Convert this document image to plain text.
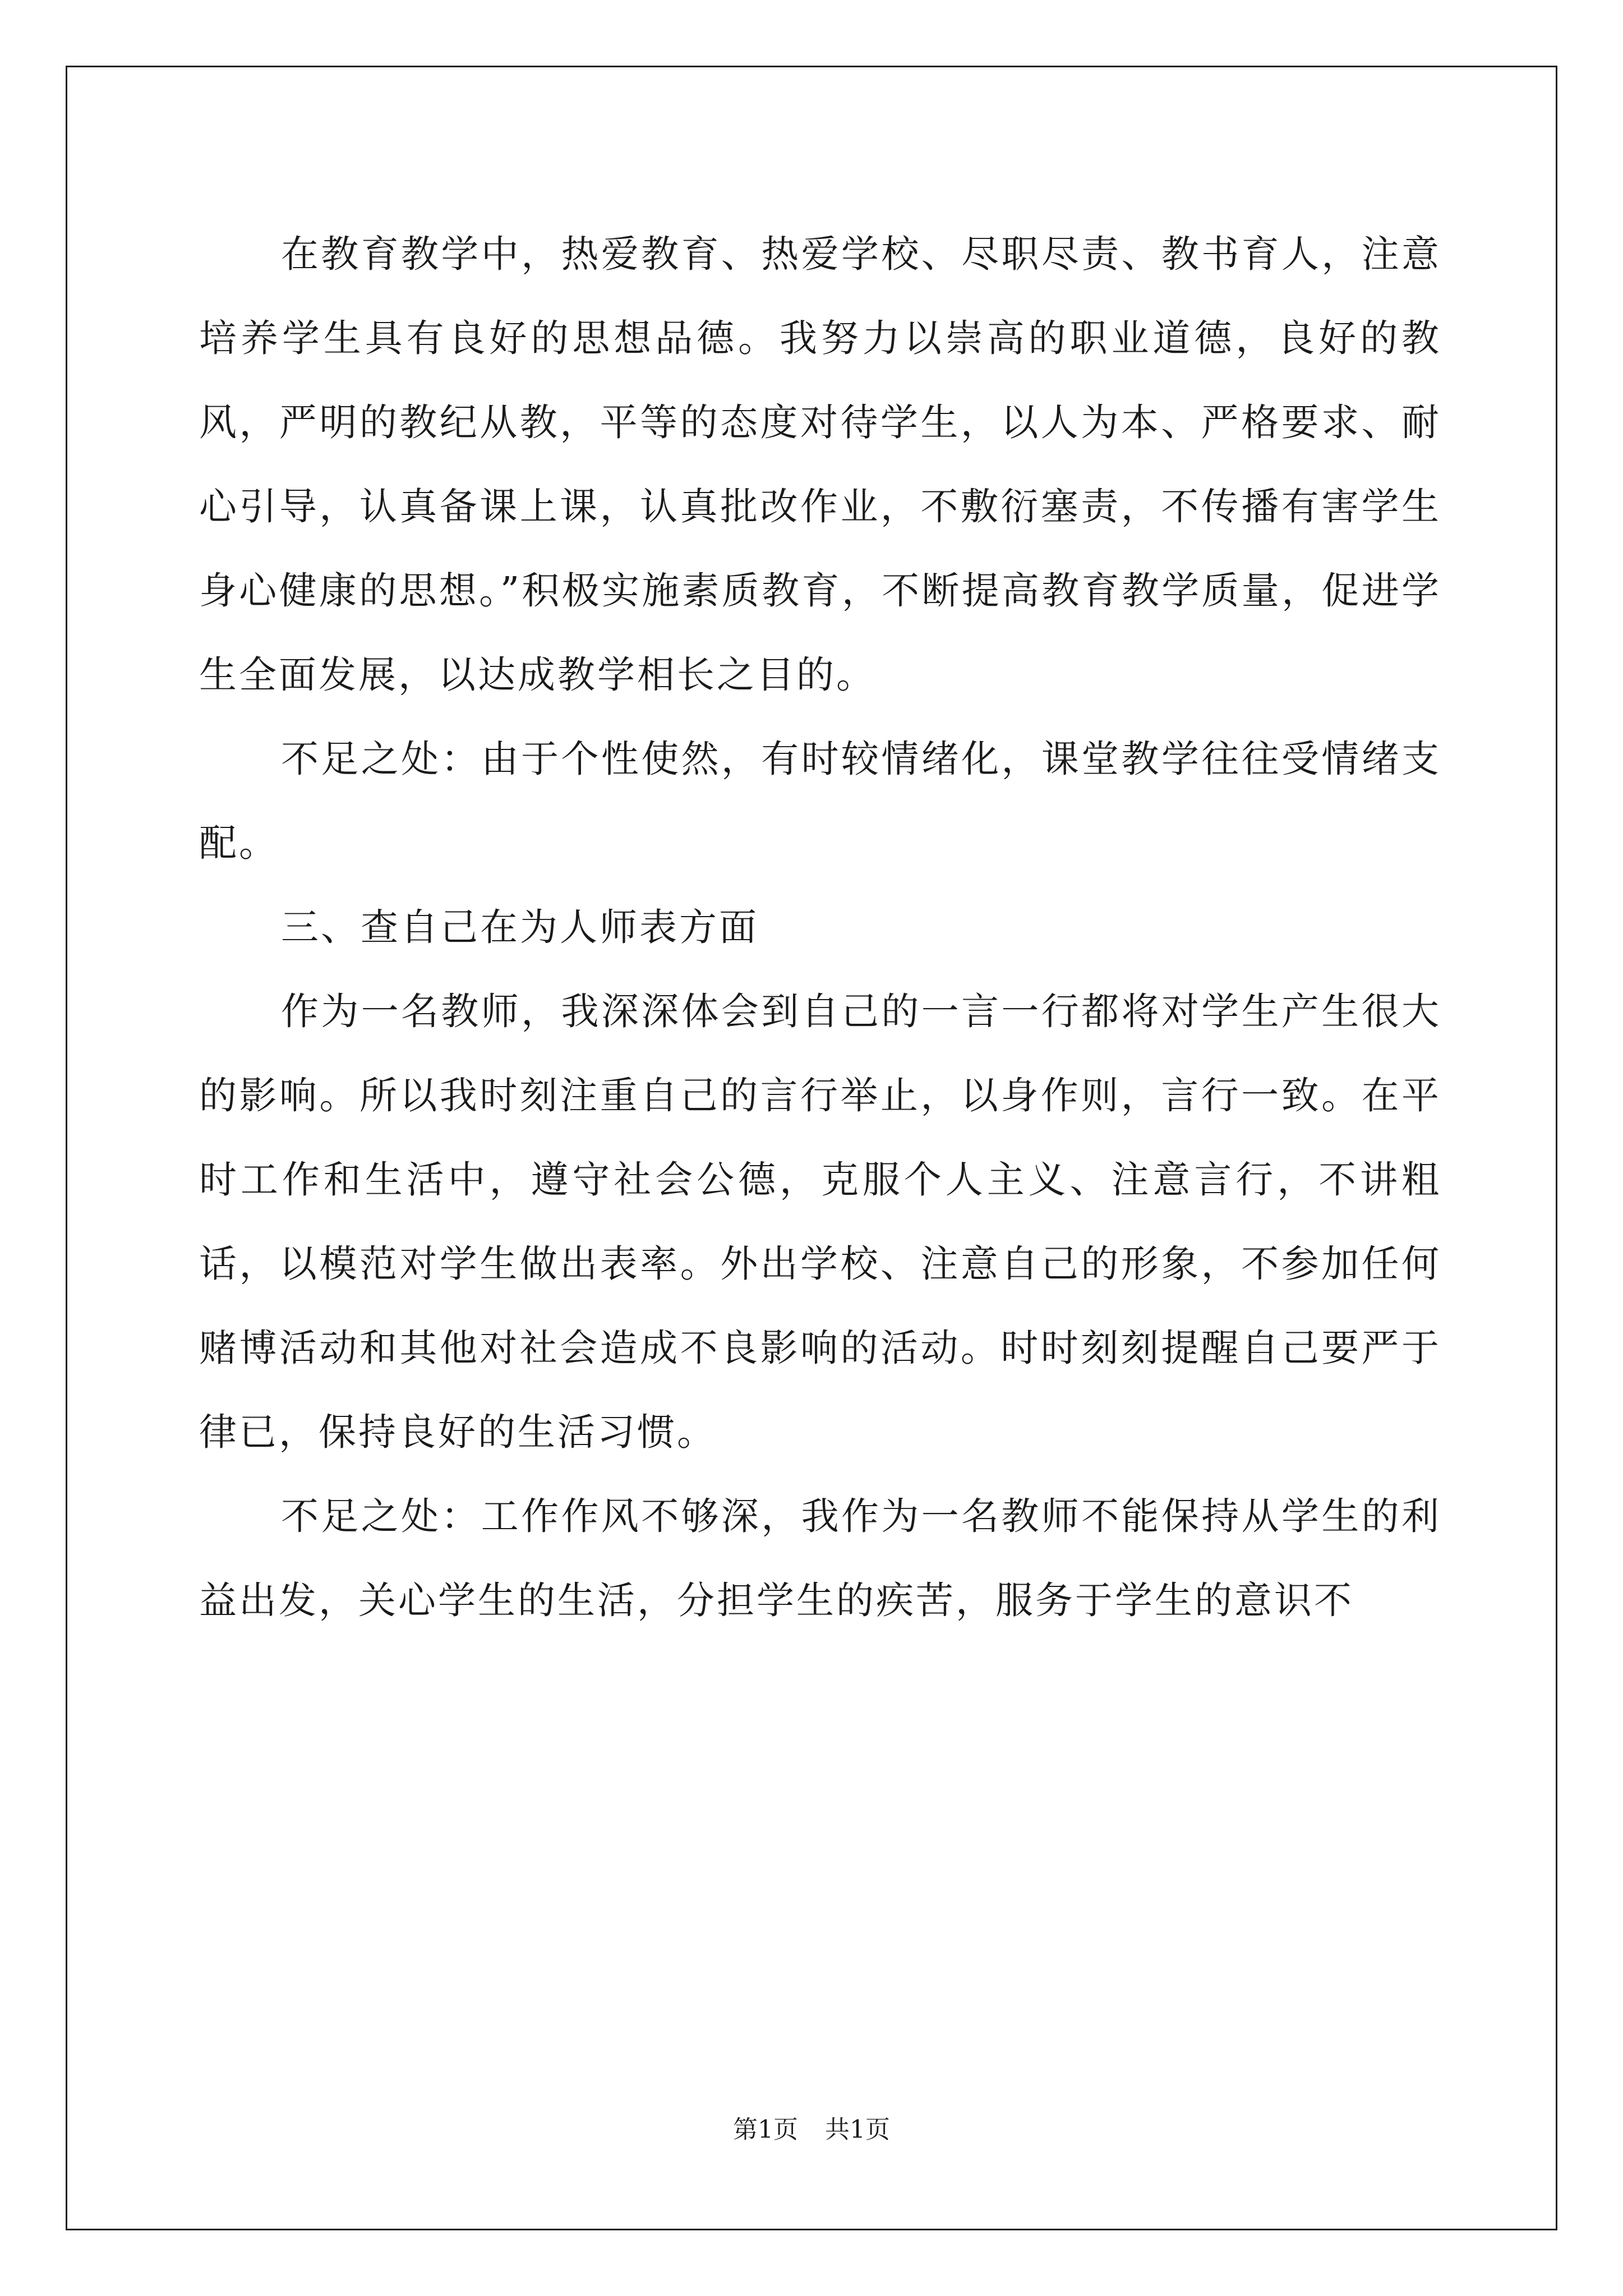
在教育教学中，热爱教育、热爱学校、尽职尽责、教书育人，注意培养学生具有良好的思想品德。我努力以崇高的职业道德，良好的教风，严明的教纪从教，平等的态度对待学生，以人为本、严格要求、耐心引导，认真备课上课，认真批改作业，不敷衍塞责，不传播有害学生身心健康的思想。”积极实施素质教育，不断提高教育教学质量，促进学生全面发展，以达成教学相长之目的。

不足之处：由于个性使然，有时较情绪化，课堂教学往往受情绪支配。

三、查自己在为人师表方面

作为一名教师，我深深体会到自己的一言一行都将对学生产生很大的影响。所以我时刻注重自己的言行举止，以身作则，言行一致。在平时工作和生活中，遵守社会公德，克服个人主义、注意言行，不讲粗话，以模范对学生做出表率。外出学校、注意自己的形象，不参加任何赌博活动和其他对社会造成不良影响的活动。时时刻刻提醒自己要严于律已，保持良好的生活习惯。

不足之处：工作作风不够深，我作为一名教师不能保持从学生的利益出发，关心学生的生活，分担学生的疾苦，服务于学生的意识不

第1页 共1页
